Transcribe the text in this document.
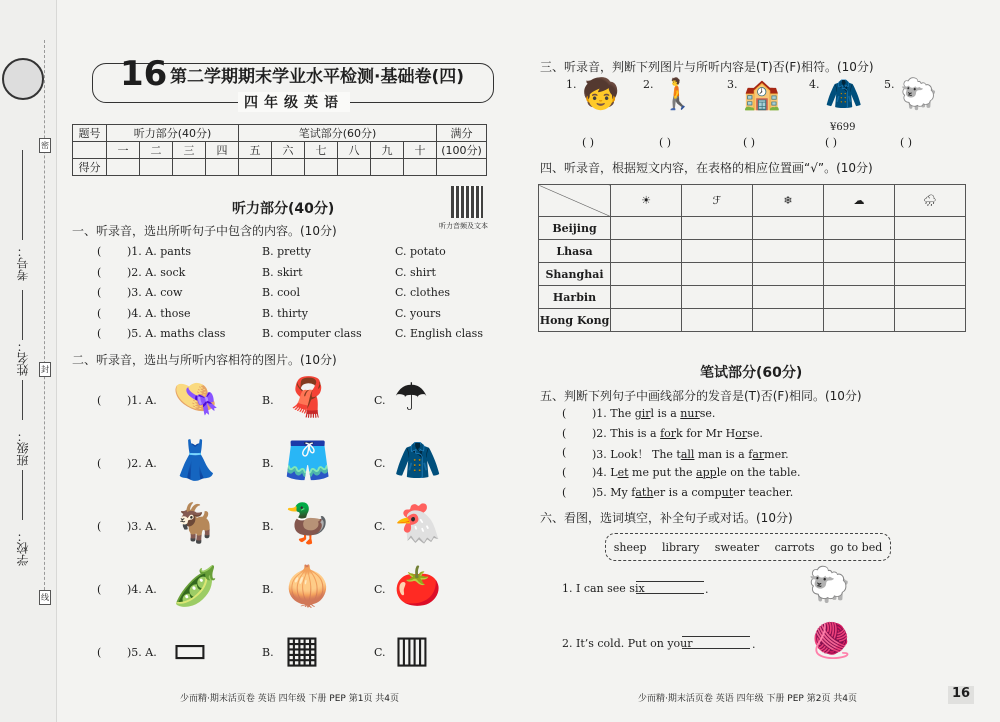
考号：
姓名：
班级：
学校：
密
封
线
16 第二学期期末学业水平检测·基础卷(四)
四年级英语
题号	听力部分(40分)				笔试部分(60分)						满分
	一	二	三	四	五	六	七	八	九	十	(100分)
得分											
听力部分(40分)
听力音频及文本
一、听录音，选出所听句子中包含的内容。(10分)
( )1. A. pants	B. pretty	C. potato
( )2. A. sock	B. skirt	C. shirt
( )3. A. cow	B. cool	C. clothes
( )4. A. those	B. thirty	C. yours
( )5. A. maths class	B. computer class	C. English class
二、听录音，选出与所听内容相符的图片。(10分)
( )1. A. 👒	B. 🧣	C. ☂
( )2. A. 👗	B. 🩳	C. 🧥
( )3. A. 🐐	B. 🦆	C. 🐔
( )4. A. 🫛	B. 🧅	C. 🍅
( )5. A. ▭	B. ▦	C. ▥
三、听录音，判断下列图片与所听内容是(T)否(F)相符。(10分)
1. 🧒
( )
2. 🚶
( )
3. 🏫
( )
4. 🧥
( )
5. 🐑
( )
¥699
四、听录音，根据短文内容，在表格的相应位置画“√”。(10分)
	☀	ℱ	❄	☁	🌧
Beijing					
Lhasa					
Shanghai					
Harbin					
Hong Kong					
笔试部分(60分)
五、判断下列句子中画线部分的发音是(T)否(F)相同。(10分)
( )1. The girl is a nurse.
( )2. This is a fork for Mr Horse.
( )3. Look！ The tall man is a farmer.
( )4. Let me put the apple on the table.
( )5. My father is a computer teacher.
六、看图，选词填空，补全句子或对话。(10分)
sheep library sweater carrots go to bed
1. I can see six	.	🐑
2. It’s cold. Put on your	. 🧶
少而精·期末活页卷 英语 四年级 下册 PEP 第1页 共4页	少而精·期末活页卷 英语 四年级 下册 PEP 第2页 共4页	16
